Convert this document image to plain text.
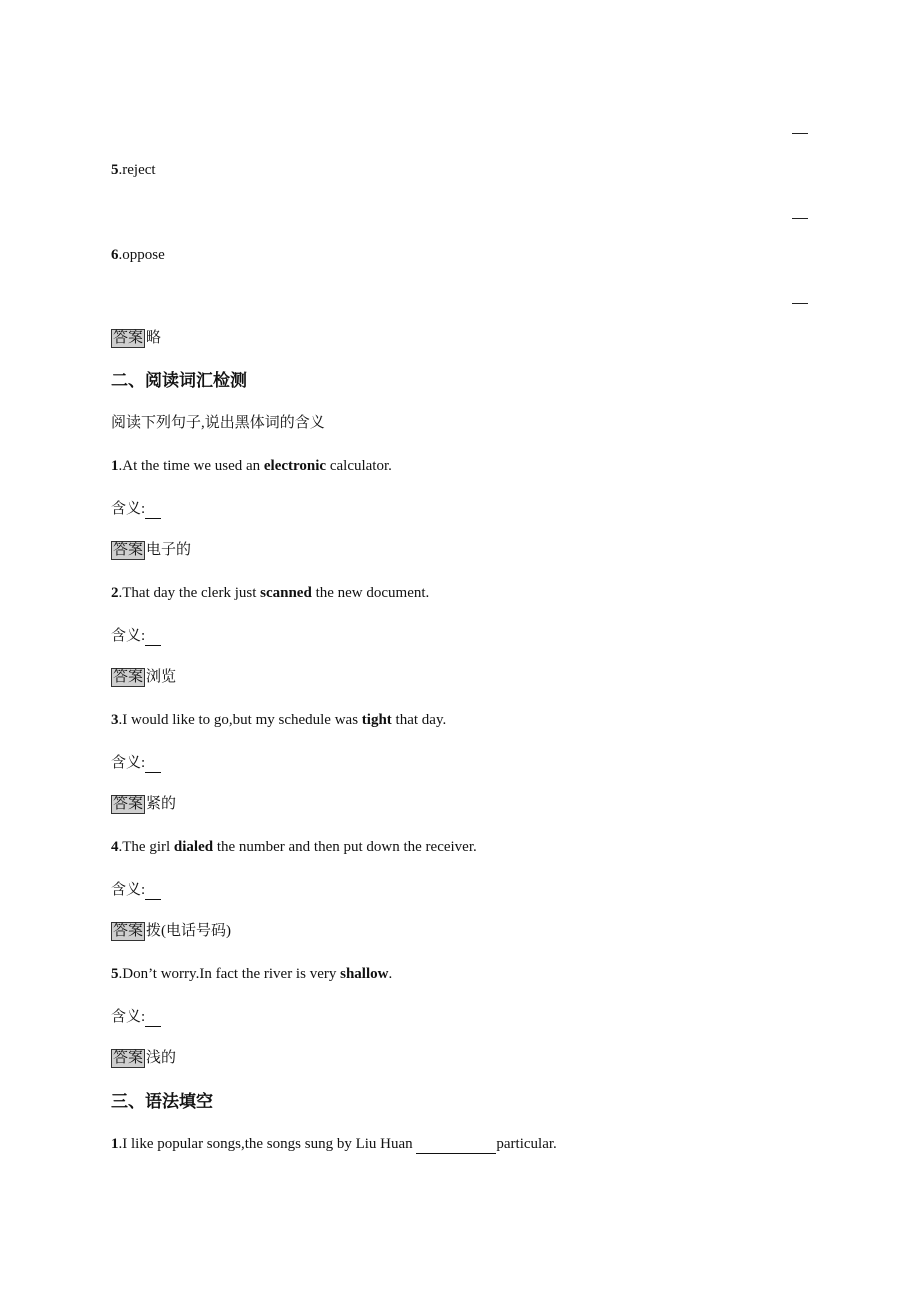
5.reject
6.oppose
答案 略
二、阅读词汇检测
阅读下列句子,说出黑体词的含义
1.At the time we used an electronic calculator.
含义:
答案 电子的
2.That day the clerk just scanned the new document.
含义:
答案 浏览
3.I would like to go,but my schedule was tight that day.
含义:
答案 紧的
4.The girl dialed the number and then put down the receiver.
含义:
答案 拨(电话号码)
5.Don’t worry.In fact the river is very shallow.
含义:
答案 浅的
三、语法填空
1.I like popular songs,the songs sung by Liu Huan	particular.
